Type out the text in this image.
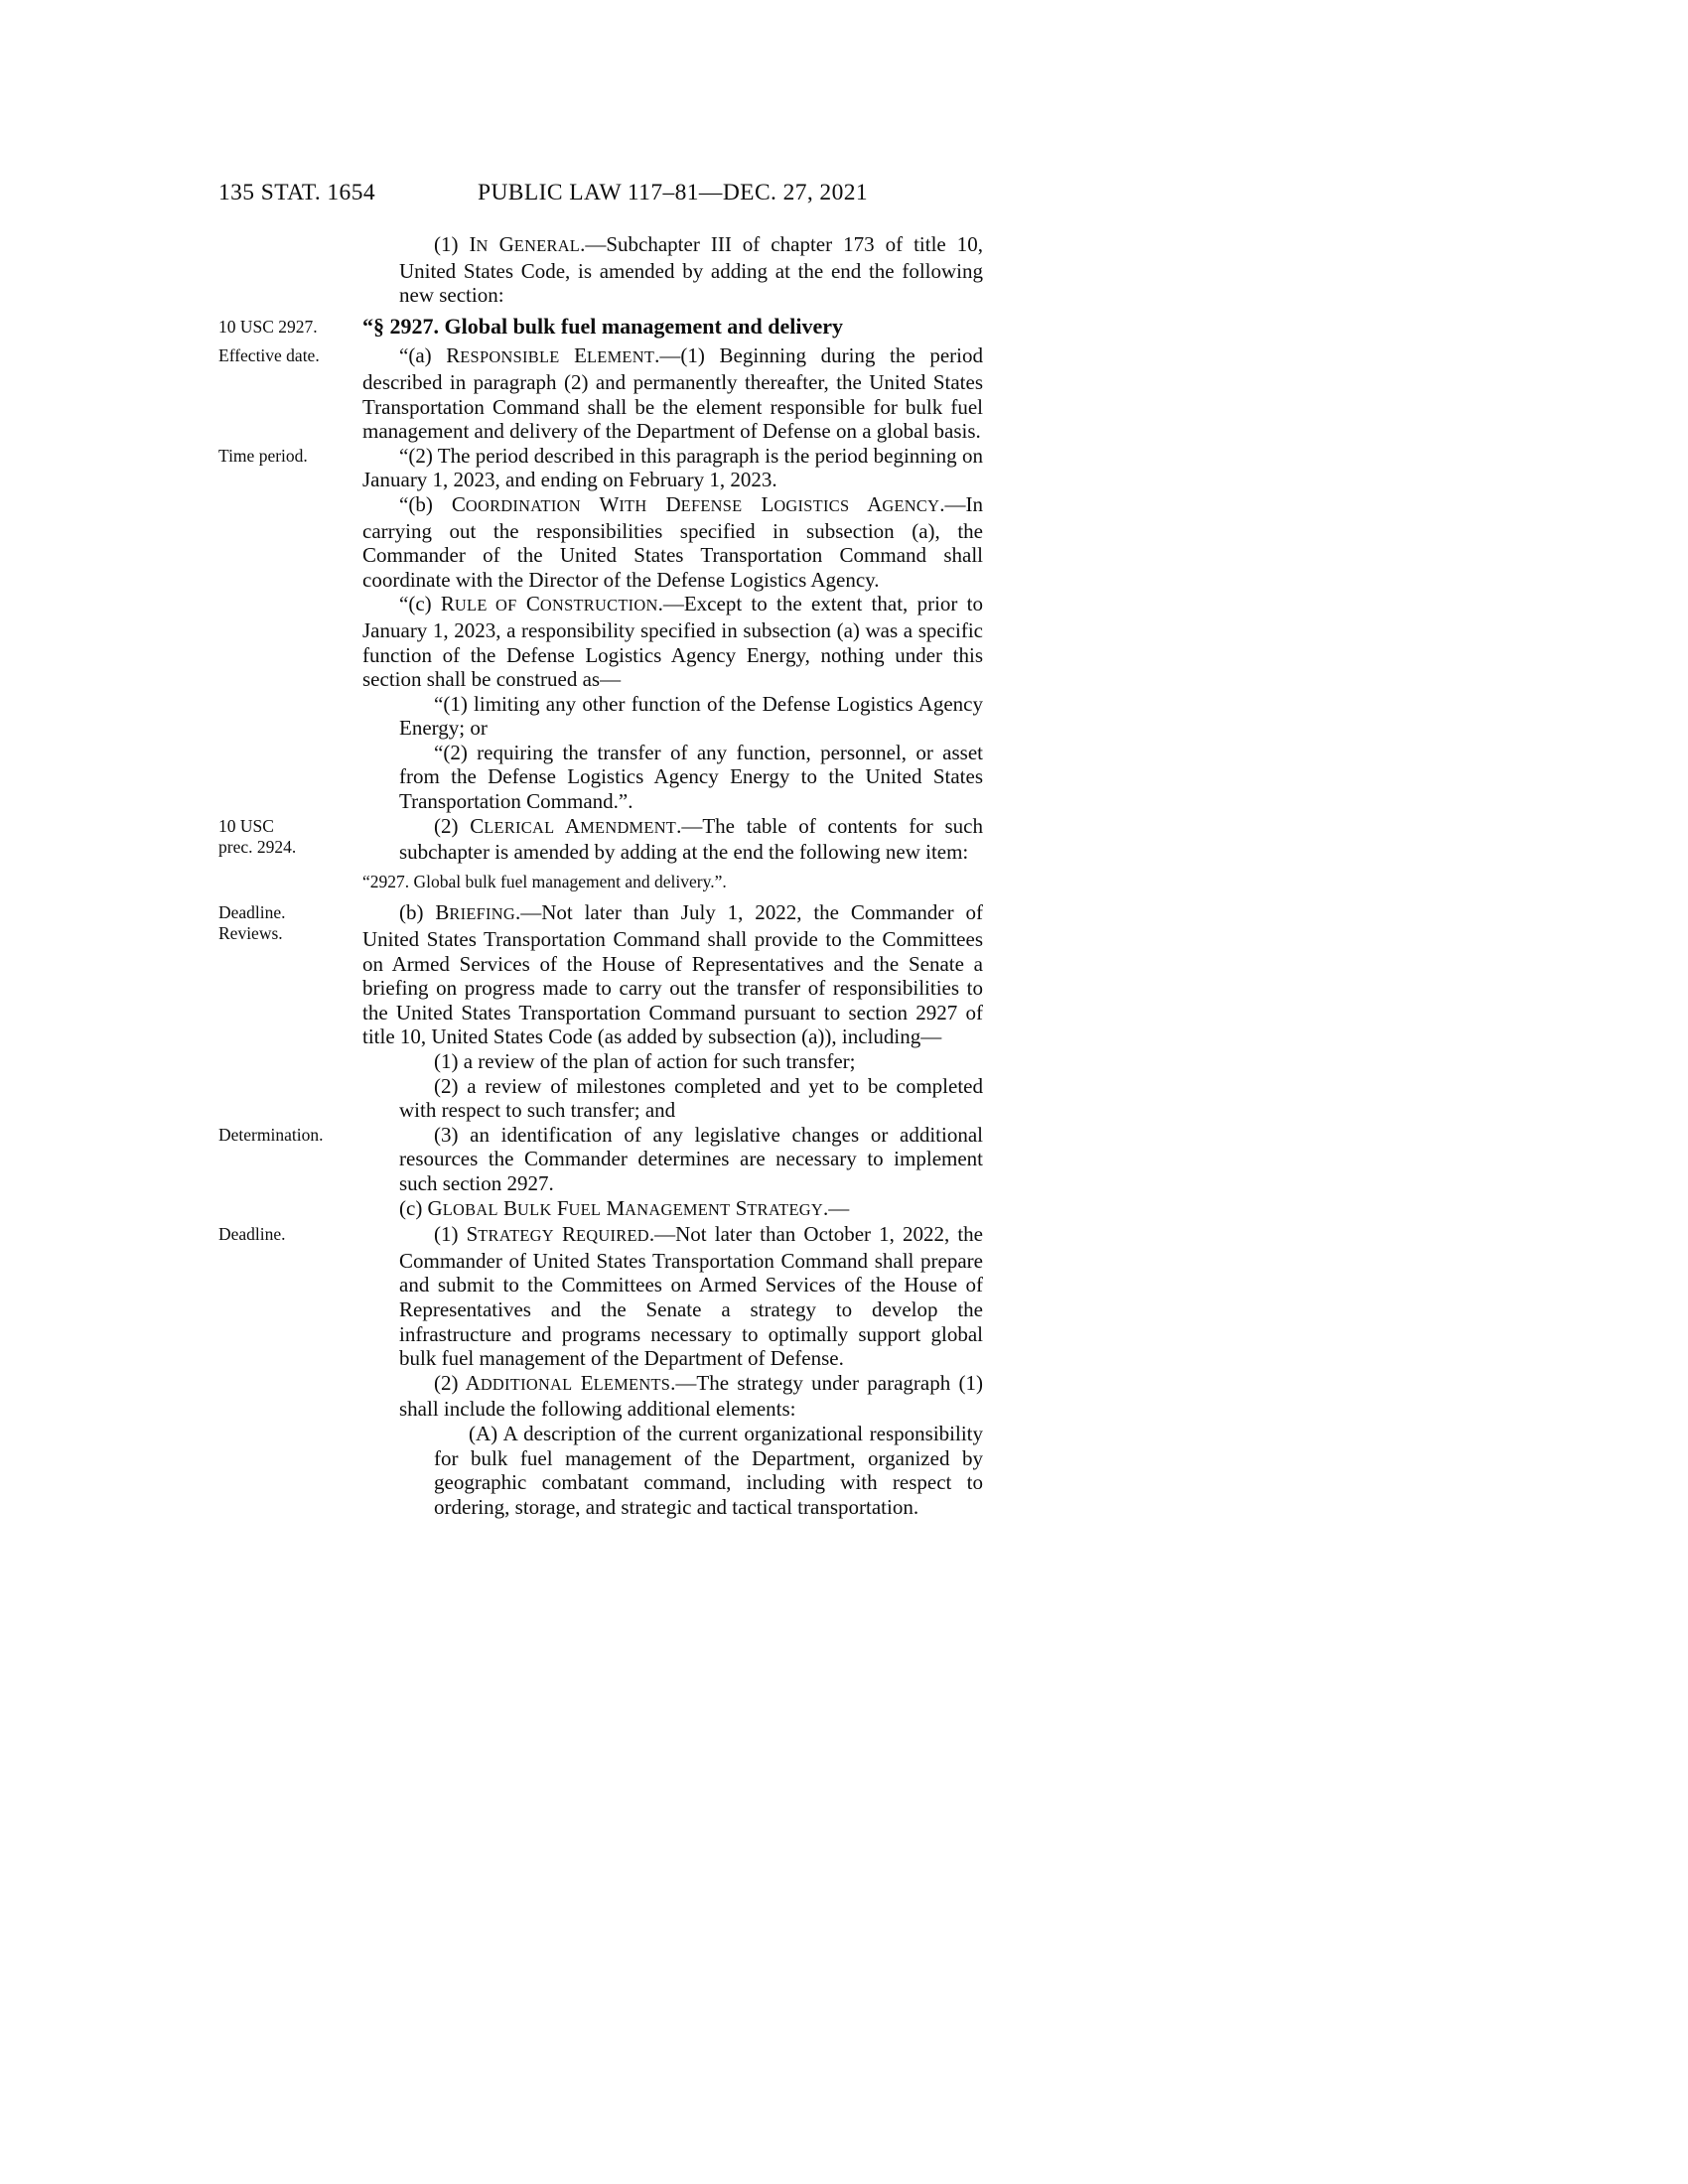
135 STAT. 1654	PUBLIC LAW 117–81—DEC. 27, 2021

(1) IN GENERAL.—Subchapter III of chapter 173 of title 10, United States Code, is amended by adding at the end the following new section:

10 USC 2927.	“§ 2927. Global bulk fuel management and delivery

Effective date.	“(a) RESPONSIBLE ELEMENT.—(1) Beginning during the period described in paragraph (2) and permanently thereafter, the United States Transportation Command shall be the element responsible for bulk fuel management and delivery of the Department of Defense on a global basis.

Time period.	“(2) The period described in this paragraph is the period beginning on January 1, 2023, and ending on February 1, 2023.

“(b) COORDINATION WITH DEFENSE LOGISTICS AGENCY.—In carrying out the responsibilities specified in subsection (a), the Commander of the United States Transportation Command shall coordinate with the Director of the Defense Logistics Agency.

“(c) RULE OF CONSTRUCTION.—Except to the extent that, prior to January 1, 2023, a responsibility specified in subsection (a) was a specific function of the Defense Logistics Agency Energy, nothing under this section shall be construed as—

“(1) limiting any other function of the Defense Logistics Agency Energy; or

“(2) requiring the transfer of any function, personnel, or asset from the Defense Logistics Agency Energy to the United States Transportation Command.”.

10 USC
prec. 2924.

(2) CLERICAL AMENDMENT.—The table of contents for such subchapter is amended by adding at the end the following new item:

“2927. Global bulk fuel management and delivery.”.

Deadline.
Reviews.

(b) BRIEFING.—Not later than July 1, 2022, the Commander of United States Transportation Command shall provide to the Committees on Armed Services of the House of Representatives and the Senate a briefing on progress made to carry out the transfer of responsibilities to the United States Transportation Command pursuant to section 2927 of title 10, United States Code (as added by subsection (a)), including—

(1) a review of the plan of action for such transfer;

(2) a review of milestones completed and yet to be completed with respect to such transfer; and

Determination.	(3) an identification of any legislative changes or additional resources the Commander determines are necessary to implement such section 2927.

(c) GLOBAL BULK FUEL MANAGEMENT STRATEGY.—

Deadline.	(1) STRATEGY REQUIRED.—Not later than October 1, 2022, the Commander of United States Transportation Command shall prepare and submit to the Committees on Armed Services of the House of Representatives and the Senate a strategy to develop the infrastructure and programs necessary to optimally support global bulk fuel management of the Department of Defense.

(2) ADDITIONAL ELEMENTS.—The strategy under paragraph (1) shall include the following additional elements:

(A) A description of the current organizational responsibility for bulk fuel management of the Department, organized by geographic combatant command, including with respect to ordering, storage, and strategic and tactical transportation.
